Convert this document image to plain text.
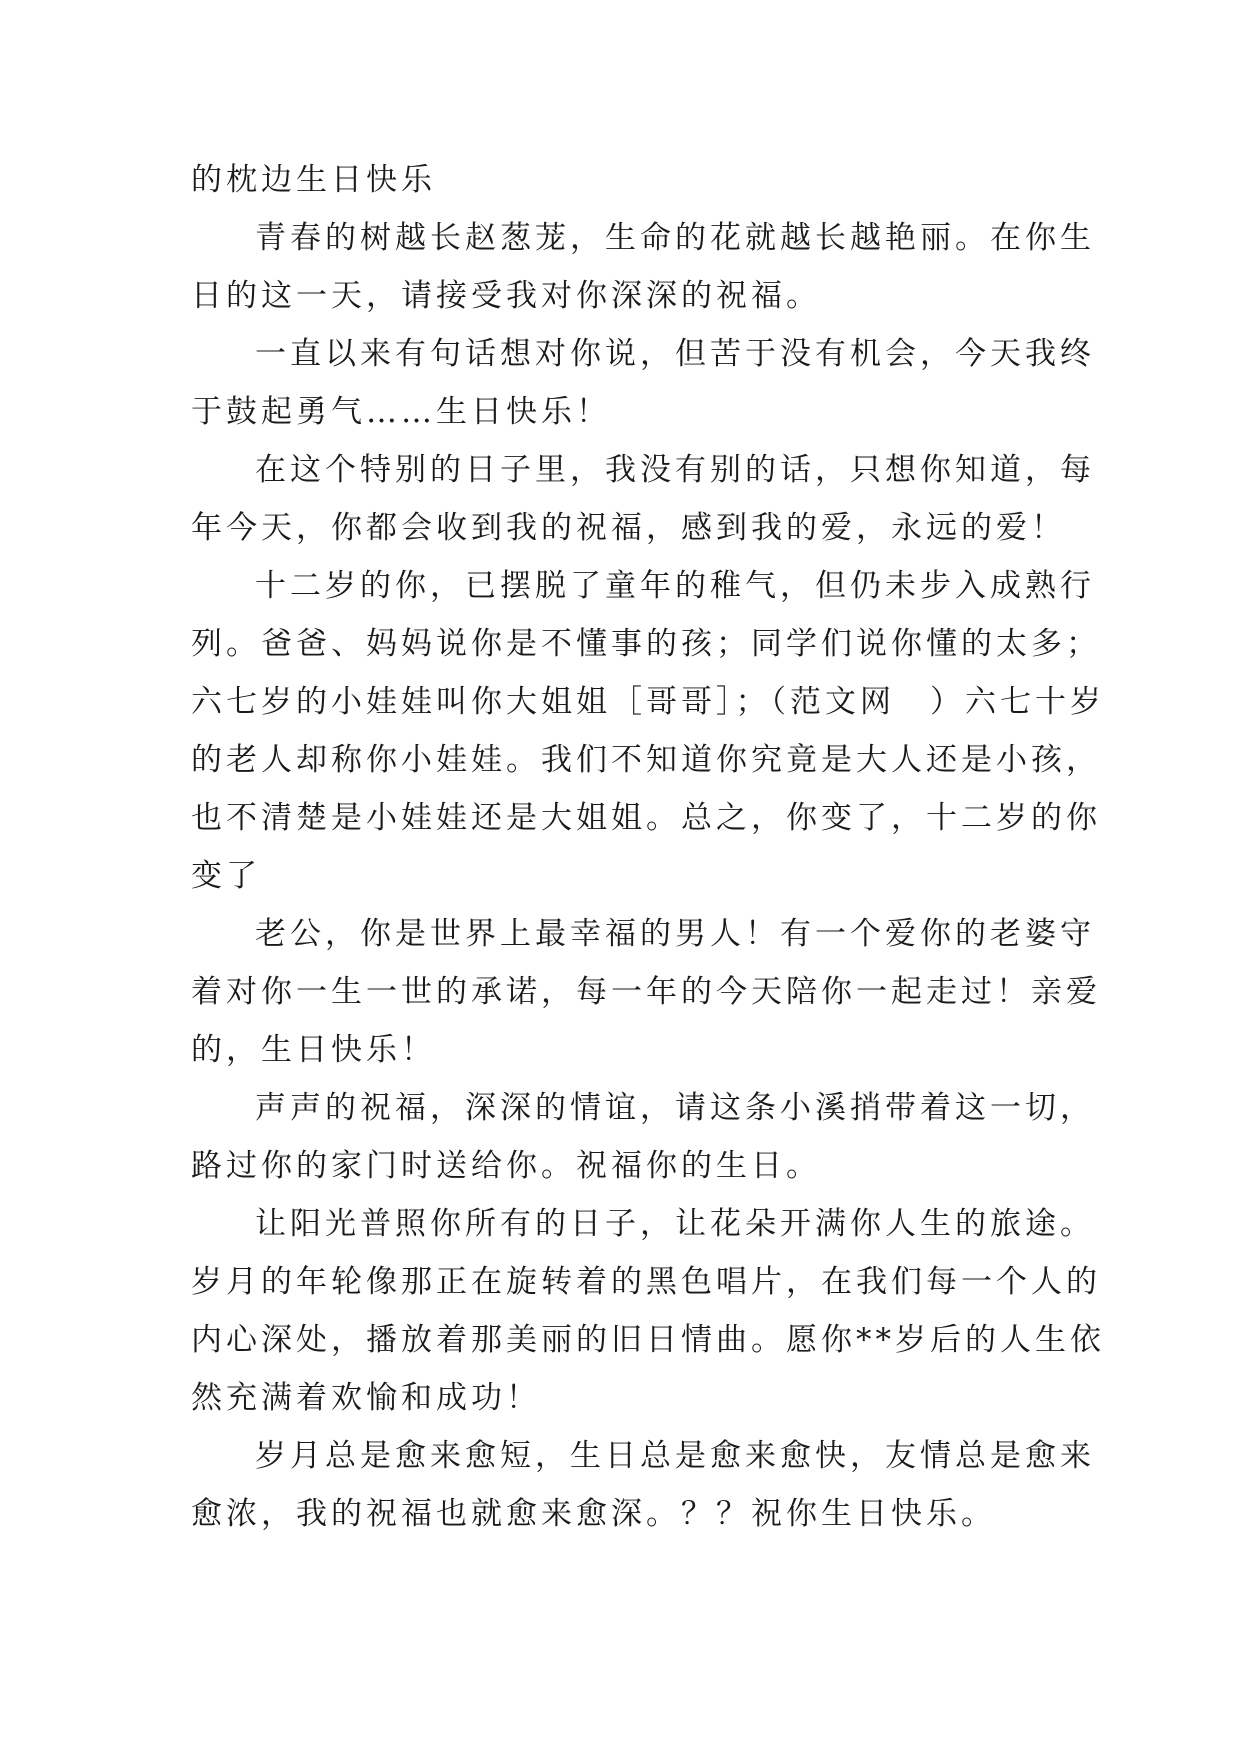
的枕边生日快乐
青春的树越长赵葱茏，生命的花就越长越艳丽。在你生
日的这一天，请接受我对你深深的祝福。
一直以来有句话想对你说，但苦于没有机会，今天我终
于鼓起勇气……生日快乐！
在这个特别的日子里，我没有别的话，只想你知道，每
年今天，你都会收到我的祝福，感到我的爱，永远的爱！
十二岁的你，已摆脱了童年的稚气，但仍未步入成熟行
列。爸爸、妈妈说你是不懂事的孩；同学们说你懂的太多；
六七岁的小娃娃叫你大姐姐［哥哥］；（范文网　）六七十岁
的老人却称你小娃娃。我们不知道你究竟是大人还是小孩，
也不清楚是小娃娃还是大姐姐。总之，你变了，十二岁的你
变了
老公，你是世界上最幸福的男人！有一个爱你的老婆守
着对你一生一世的承诺，每一年的今天陪你一起走过！亲爱
的，生日快乐！
声声的祝福，深深的情谊，请这条小溪捎带着这一切，
路过你的家门时送给你。祝福你的生日。
让阳光普照你所有的日子，让花朵开满你人生的旅途。
岁月的年轮像那正在旋转着的黑色唱片，在我们每一个人的
内心深处，播放着那美丽的旧日情曲。愿你**岁后的人生依
然充满着欢愉和成功！
岁月总是愈来愈短，生日总是愈来愈快，友情总是愈来
愈浓，我的祝福也就愈来愈深。？？祝你生日快乐。
